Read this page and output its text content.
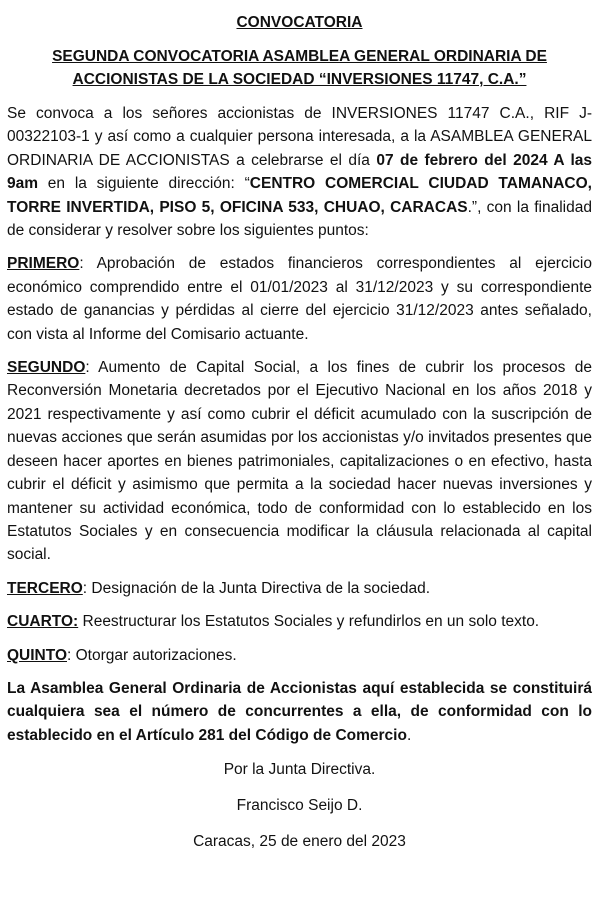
CONVOCATORIA
SEGUNDA CONVOCATORIA ASAMBLEA GENERAL ORDINARIA DE ACCIONISTAS DE LA SOCIEDAD “INVERSIONES 11747, C.A.”

Se convoca a los señores accionistas de INVERSIONES 11747 C.A., RIF J-00322103-1 y así como a cualquier persona interesada, a la ASAMBLEA GENERAL ORDINARIA DE ACCIONISTAS a celebrarse el día 07 de febrero del 2024 A las 9am en la siguiente dirección: “CENTRO COMERCIAL CIUDAD TAMANACO, TORRE INVERTIDA, PISO 5, OFICINA 533, CHUAO, CARACAS.”, con la finalidad de considerar y resolver sobre los siguientes puntos:

PRIMERO: Aprobación de estados financieros correspondientes al ejercicio económico comprendido entre el 01/01/2023 al 31/12/2023 y su correspondiente estado de ganancias y pérdidas al cierre del ejercicio 31/12/2023 antes señalado, con vista al Informe del Comisario actuante.

SEGUNDO: Aumento de Capital Social, a los fines de cubrir los procesos de Reconversión Monetaria decretados por el Ejecutivo Nacional en los años 2018 y 2021 respectivamente y así como cubrir el déficit acumulado con la suscripción de nuevas acciones que serán asumidas por los accionistas y/o invitados presentes que deseen hacer aportes en bienes patrimoniales, capitalizaciones o en efectivo, hasta cubrir el déficit y asimismo que permita a la sociedad hacer nuevas inversiones y mantener su actividad económica, todo de conformidad con lo establecido en los Estatutos Sociales y en consecuencia modificar la cláusula relacionada al capital social.

TERCERO: Designación de la Junta Directiva de la sociedad.

CUARTO: Reestructurar los Estatutos Sociales y refundirlos en un solo texto.

QUINTO: Otorgar autorizaciones.

La Asamblea General Ordinaria de Accionistas aquí establecida se constituirá cualquiera sea el número de concurrentes a ella, de conformidad con lo establecido en el Artículo 281 del Código de Comercio.

Por la Junta Directiva.
Francisco Seijo D.
Caracas, 25 de enero del 2023
